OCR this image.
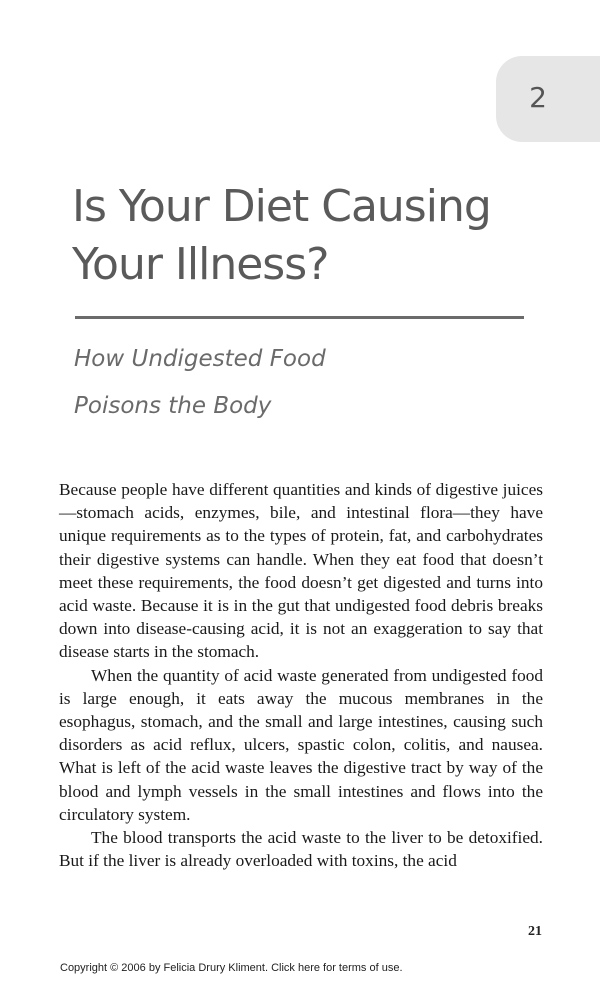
2
Is Your Diet Causing
Your Illness?
How Undigested Food
Poisons the Body

Because people have different quantities and kinds of digestive juices—stomach acids, enzymes, bile, and intestinal flora—they have unique requirements as to the types of protein, fat, and carbohydrates their digestive systems can handle. When they eat food that doesn’t meet these requirements, the food doesn’t get digested and turns into acid waste. Because it is in the gut that undigested food debris breaks down into disease-causing acid, it is not an exaggeration to say that disease starts in the stomach.

When the quantity of acid waste generated from undigested food is large enough, it eats away the mucous membranes in the esophagus, stomach, and the small and large intestines, causing such disorders as acid reflux, ulcers, spastic colon, colitis, and nausea. What is left of the acid waste leaves the digestive tract by way of the blood and lymph vessels in the small intestines and flows into the circulatory system.

The blood transports the acid waste to the liver to be detoxified. But if the liver is already overloaded with toxins, the acid

21
Copyright © 2006 by Felicia Drury Kliment. Click here for terms of use.
